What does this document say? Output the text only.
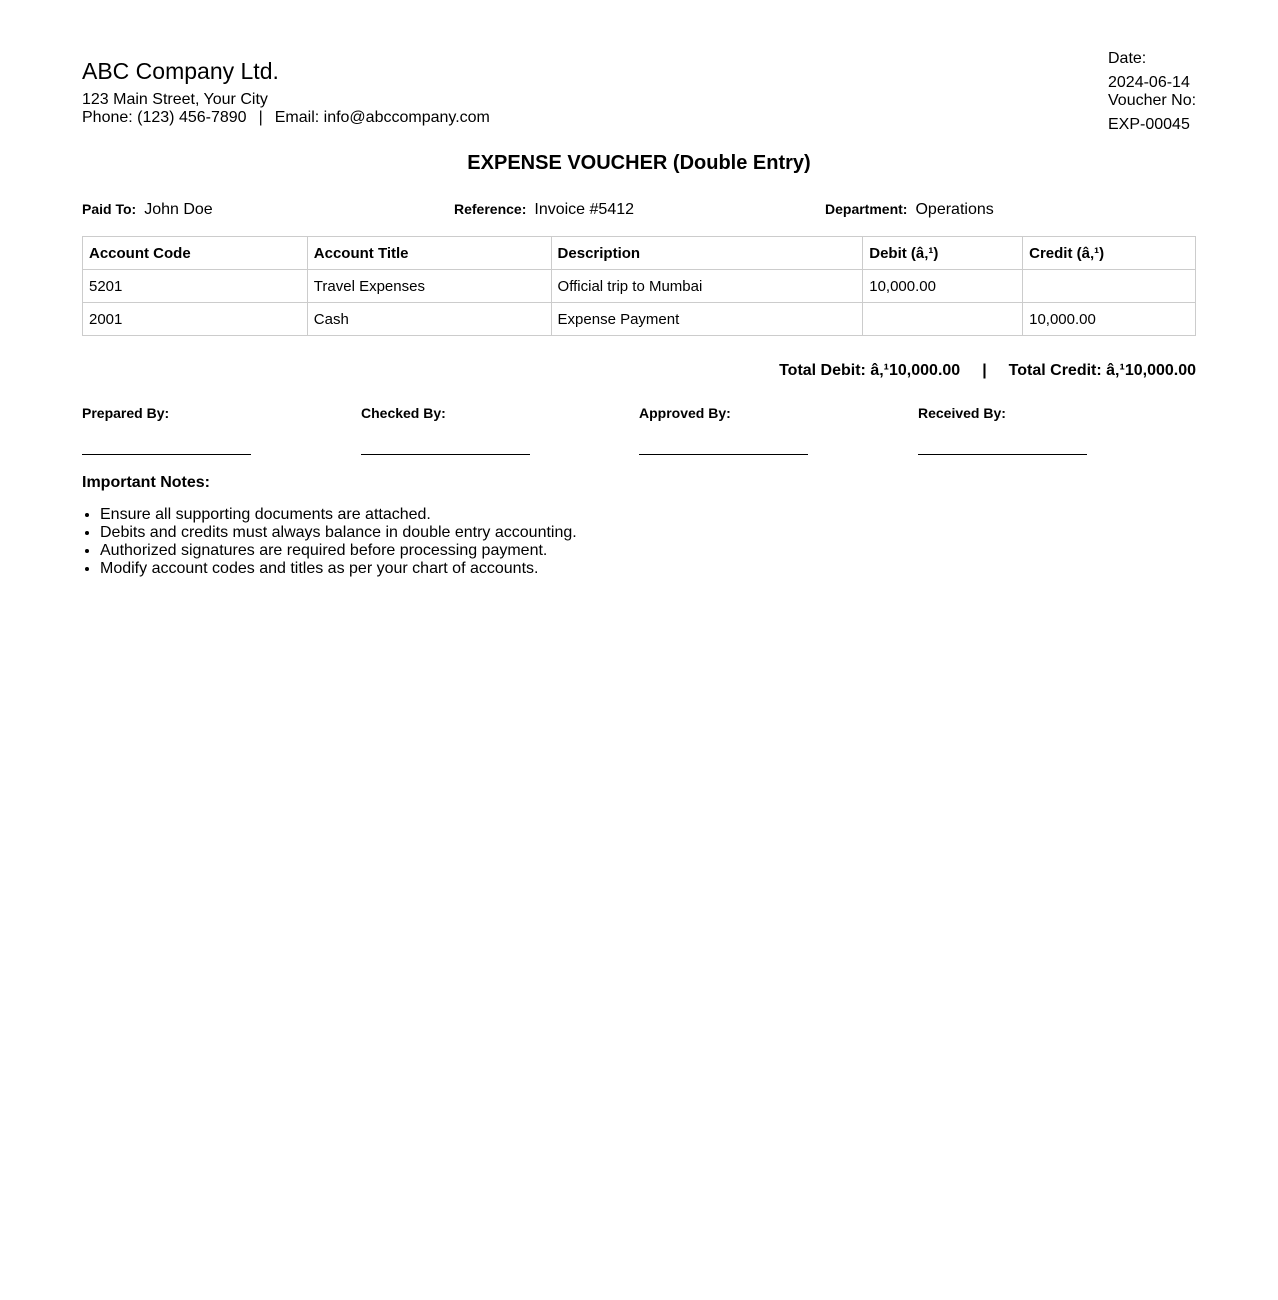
ABC Company Ltd.
123 Main Street, Your City
Phone: (123) 456-7890 | Email: info@abccompany.com
Date:
2024-06-14
Voucher No:
EXP-00045
EXPENSE VOUCHER (Double Entry)
Paid To: John Doe	Reference: Invoice #5412	Department: Operations
Account Code	Account Title	Description	Debit (â‚¹)	Credit (â‚¹)
5201	Travel Expenses	Official trip to Mumbai	10,000.00	
2001	Cash	Expense Payment		10,000.00
Total Debit: â‚¹10,000.00 | Total Credit: â‚¹10,000.00
Prepared By:	Checked By:	Approved By:	Received By:
Important Notes:
• Ensure all supporting documents are attached.
• Debits and credits must always balance in double entry accounting.
• Authorized signatures are required before processing payment.
• Modify account codes and titles as per your chart of accounts.
